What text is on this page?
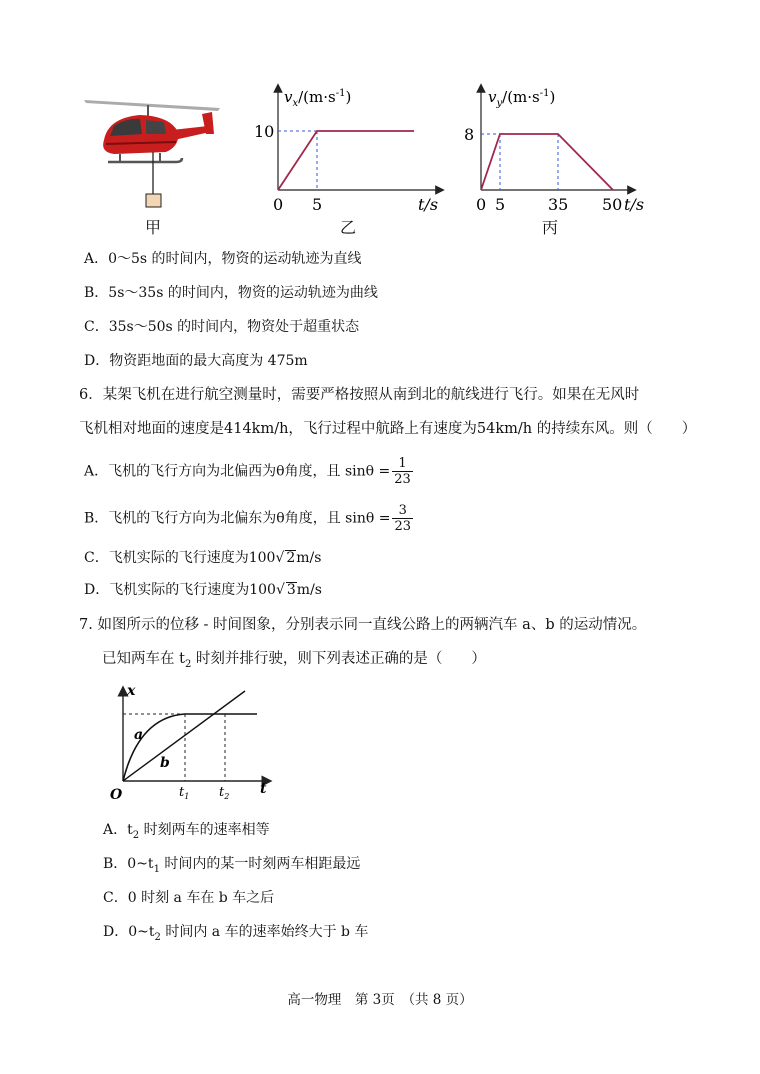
甲
$v_x/(m\cdot s^{-1})$
10
0 5	t/s
乙
$v_y/(m\cdot s^{-1})$
8
0 5	35 50 t/s
丙
A．0～5s 的时间内，物资的运动轨迹为直线
B．5s～35s 的时间内，物资的运动轨迹为曲线
C．35s～50s 的时间内，物资处于超重状态
D．物资距地面的最大高度为 475m
6．某架飞机在进行航空测量时，需要严格按照从南到北的航线进行飞行。如果在无风时
飞机相对地面的速度是414km/h，飞行过程中航路上有速度为54km/h 的持续东风。则（　　）
A．飞机的飞行方向为北偏西为θ角度，且 $\sin\theta = \frac{1}{23}$
B．飞机的飞行方向为北偏东为θ角度，且 $\sin\theta = \frac{3}{23}$
C．飞机实际的飞行速度为100√ 2m/s
D．飞机实际的飞行速度为100√ 3m/s
7. 如图所示的位移 - 时间图象，分别表示同一直线公路上的两辆汽车 a、b 的运动情况。
已知两车在 $t_2$ 时刻并排行驶，则下列表述正确的是（　　）
x
t
O
a
b
$t_1$ $t_2$
A．$t_2$ 时刻两车的速率相等
B．$0\sim t_1$ 时间内的某一时刻两车相距最远
C．0 时刻 a 车在 b 车之后
D．$0\sim t_2$ 时间内 a 车的速率始终大于 b 车
高一物理　第 3页　（共 8 页）
